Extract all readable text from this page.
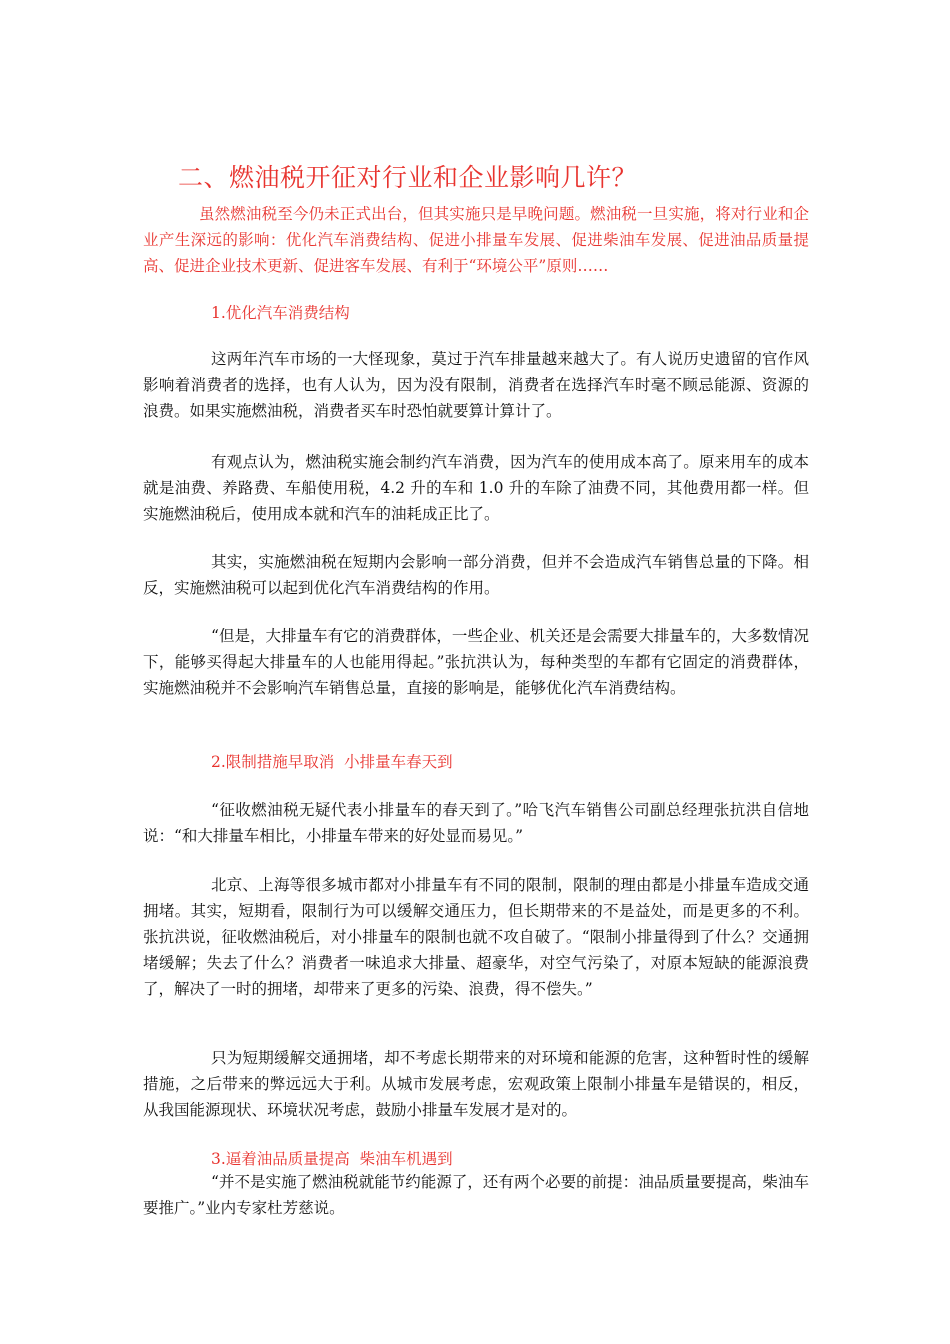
二、燃油税开征对行业和企业影响几许？

虽然燃油税至今仍未正式出台，但其实施只是早晚问题。燃油税一旦实施，将对行业和企业产生深远的影响：优化汽车消费结构、促进小排量车发展、促进柴油车发展、促进油品质量提高、促进企业技术更新、促进客车发展、有利于“环境公平”原则……

1.优化汽车消费结构

这两年汽车市场的一大怪现象，莫过于汽车排量越来越大了。有人说历史遗留的官作风影响着消费者的选择，也有人认为，因为没有限制，消费者在选择汽车时毫不顾忌能源、资源的浪费。如果实施燃油税，消费者买车时恐怕就要算计算计了。

有观点认为，燃油税实施会制约汽车消费，因为汽车的使用成本高了。原来用车的成本就是油费、养路费、车船使用税，4.2 升的车和 1.0 升的车除了油费不同，其他费用都一样。但实施燃油税后，使用成本就和汽车的油耗成正比了。

其实，实施燃油税在短期内会影响一部分消费，但并不会造成汽车销售总量的下降。相反，实施燃油税可以起到优化汽车消费结构的作用。

“但是，大排量车有它的消费群体，一些企业、机关还是会需要大排量车的，大多数情况下，能够买得起大排量车的人也能用得起。”张抗洪认为，每种类型的车都有它固定的消费群体，实施燃油税并不会影响汽车销售总量，直接的影响是，能够优化汽车消费结构。

2.限制措施早取消  小排量车春天到

“征收燃油税无疑代表小排量车的春天到了。”哈飞汽车销售公司副总经理张抗洪自信地说：“和大排量车相比，小排量车带来的好处显而易见。”

北京、上海等很多城市都对小排量车有不同的限制，限制的理由都是小排量车造成交通拥堵。其实，短期看，限制行为可以缓解交通压力，但长期带来的不是益处，而是更多的不利。张抗洪说，征收燃油税后，对小排量车的限制也就不攻自破了。“限制小排量得到了什么？交通拥堵缓解；失去了什么？消费者一味追求大排量、超豪华，对空气污染了，对原本短缺的能源浪费了，解决了一时的拥堵，却带来了更多的污染、浪费，得不偿失。”

只为短期缓解交通拥堵，却不考虑长期带来的对环境和能源的危害，这种暂时性的缓解措施，之后带来的弊远远大于利。从城市发展考虑，宏观政策上限制小排量车是错误的，相反，从我国能源现状、环境状况考虑，鼓励小排量车发展才是对的。

3.逼着油品质量提高  柴油车机遇到

“并不是实施了燃油税就能节约能源了，还有两个必要的前提：油品质量要提高，柴油车要推广。”业内专家杜芳慈说。
